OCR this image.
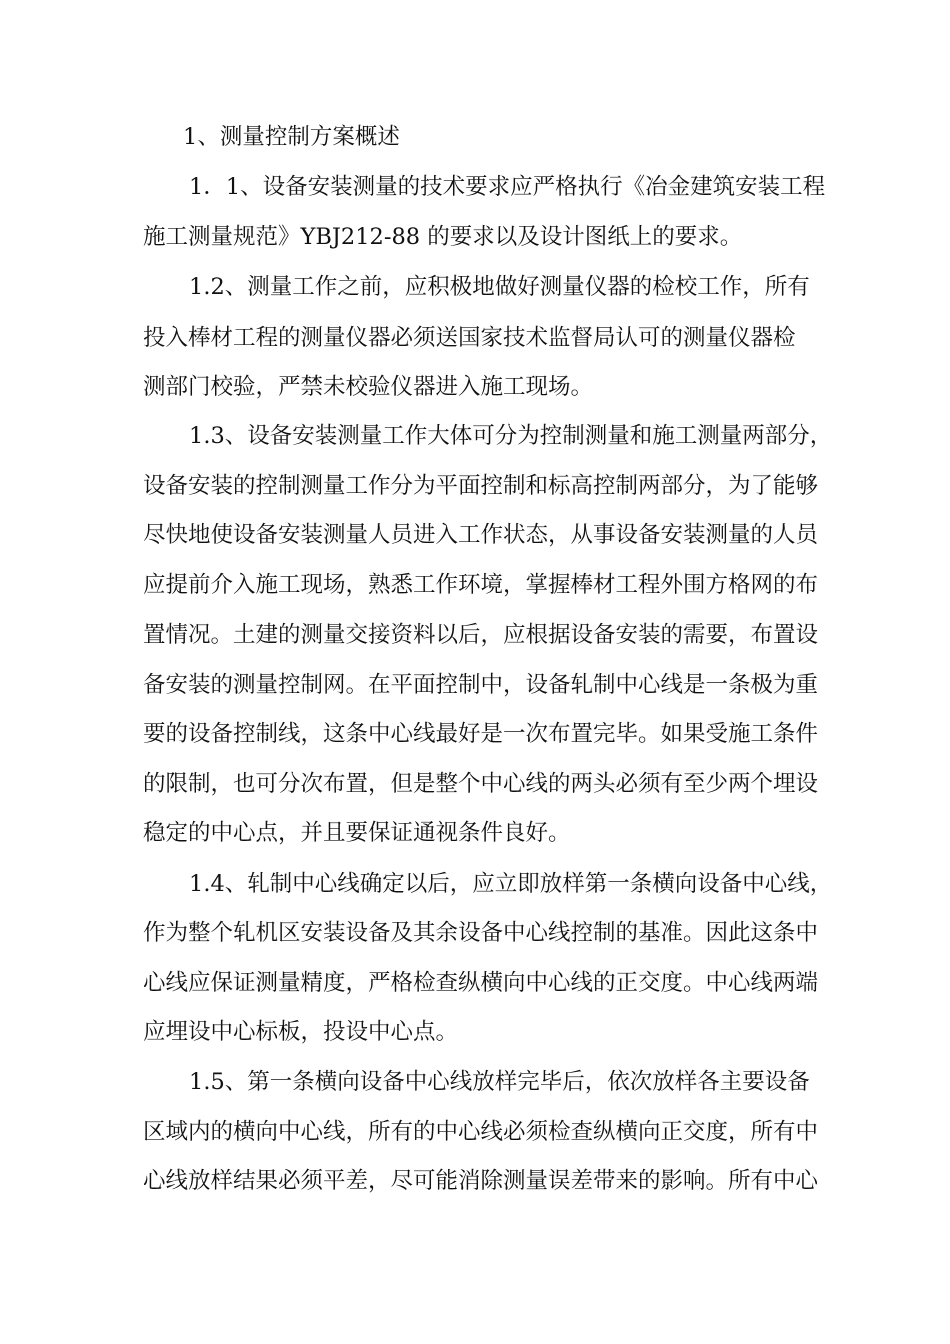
1、测量控制方案概述
1．1、设备安装测量的技术要求应严格执行《冶金建筑安装工程
施工测量规范》YBJ212-88 的要求以及设计图纸上的要求。
1.2、测量工作之前，应积极地做好测量仪器的检校工作，所有
投入棒材工程的测量仪器必须送国家技术监督局认可的测量仪器检
测部门校验，严禁未校验仪器进入施工现场。
1.3、设备安装测量工作大体可分为控制测量和施工测量两部分，
设备安装的控制测量工作分为平面控制和标高控制两部分，为了能够
尽快地使设备安装测量人员进入工作状态，从事设备安装测量的人员
应提前介入施工现场，熟悉工作环境，掌握棒材工程外围方格网的布
置情况。土建的测量交接资料以后，应根据设备安装的需要，布置设
备安装的测量控制网。在平面控制中，设备轧制中心线是一条极为重
要的设备控制线，这条中心线最好是一次布置完毕。如果受施工条件
的限制，也可分次布置，但是整个中心线的两头必须有至少两个埋设
稳定的中心点，并且要保证通视条件良好。
1.4、轧制中心线确定以后，应立即放样第一条横向设备中心线，
作为整个轧机区安装设备及其余设备中心线控制的基准。因此这条中
心线应保证测量精度，严格检查纵横向中心线的正交度。中心线两端
应埋设中心标板，投设中心点。
1.5、第一条横向设备中心线放样完毕后，依次放样各主要设备
区域内的横向中心线，所有的中心线必须检查纵横向正交度，所有中
心线放样结果必须平差，尽可能消除测量误差带来的影响。所有中心
